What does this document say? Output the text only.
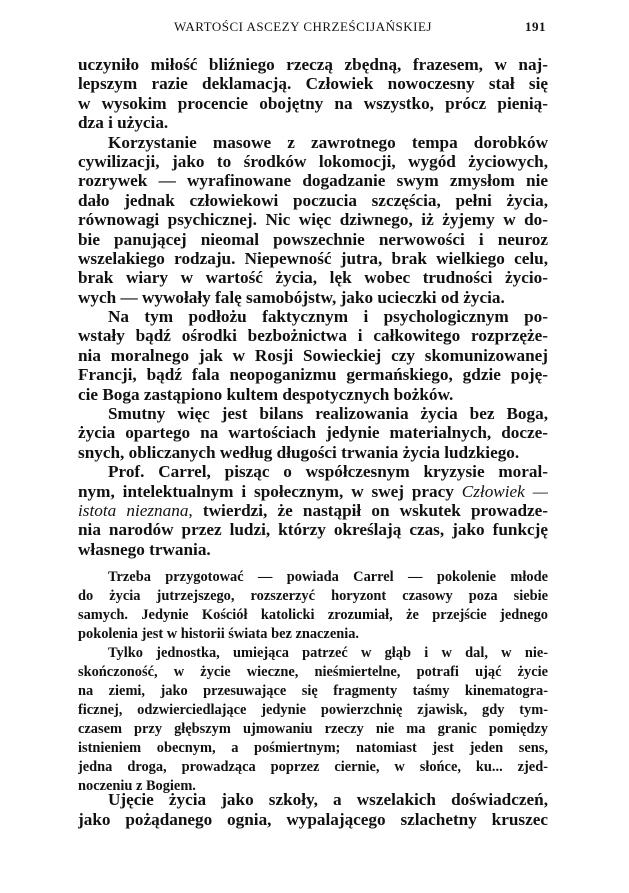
WARTOŚCI ASCEZY CHRZEŚCIJAŃSKIEJ	191
uczyniło miłość bliźniego rzeczą zbędną, frazesem, w naj-
lepszym razie deklamacją. Człowiek nowoczesny stał się
w wysokim procencie obojętny na wszystko, prócz pienią-
dza i użycia.
Korzystanie masowe z zawrotnego tempa dorobków
cywilizacji, jako to środków lokomocji, wygód życiowych,
rozrywek — wyrafinowane dogadzanie swym zmysłom nie
dało jednak człowiekowi poczucia szczęścia, pełni życia,
równowagi psychicznej. Nic więc dziwnego, iż żyjemy w do-
bie panującej nieomal powszechnie nerwowości i neuroz
wszelakiego rodzaju. Niepewność jutra, brak wielkiego celu,
brak wiary w wartość życia, lęk wobec trudności życio-
wych — wywołały falę samobójstw, jako ucieczki od życia.
Na tym podłożu faktycznym i psychologicznym po-
wstały bądź ośrodki bezbożnictwa i całkowitego rozprzęże-
nia moralnego jak w Rosji Sowieckiej czy skomunizowanej
Francji, bądź fala neopoganizmu germańskiego, gdzie poję-
cie Boga zastąpiono kultem despotycznych bożków.
Smutny więc jest bilans realizowania życia bez Boga,
życia opartego na wartościach jedynie materialnych, docze-
snych, obliczanych według długości trwania życia ludzkiego.
Prof. Carrel, pisząc o współczesnym kryzysie moral-
nym, intelektualnym i społecznym, w swej pracy Człowiek —
istota nieznana, twierdzi, że nastąpił on wskutek prowadze-
nia narodów przez ludzi, którzy określają czas, jako funkcję
własnego trwania.
Trzeba przygotować — powiada Carrel — pokolenie młode
do życia jutrzejszego, rozszerzyć horyzont czasowy poza siebie
samych. Jedynie Kościół katolicki zrozumiał, że przejście jednego
pokolenia jest w historii świata bez znaczenia.
Tylko jednostka, umiejąca patrzeć w głąb i w dal, w nie-
skończoność, w życie wieczne, nieśmiertelne, potrafi ująć życie
na ziemi, jako przesuwające się fragmenty taśmy kinematogra-
ficznej, odzwierciedlające jedynie powierzchnię zjawisk, gdy tym-
czasem przy głębszym ujmowaniu rzeczy nie ma granic pomiędzy
istnieniem obecnym, a pośmiertnym; natomiast jest jeden sens,
jedna droga, prowadząca poprzez ciernie, w słońce, ku... zjed-
noczeniu z Bogiem.
Ujęcie życia jako szkoły, a wszelakich doświadczeń,
jako pożądanego ognia, wypalającego szlachetny kruszec
